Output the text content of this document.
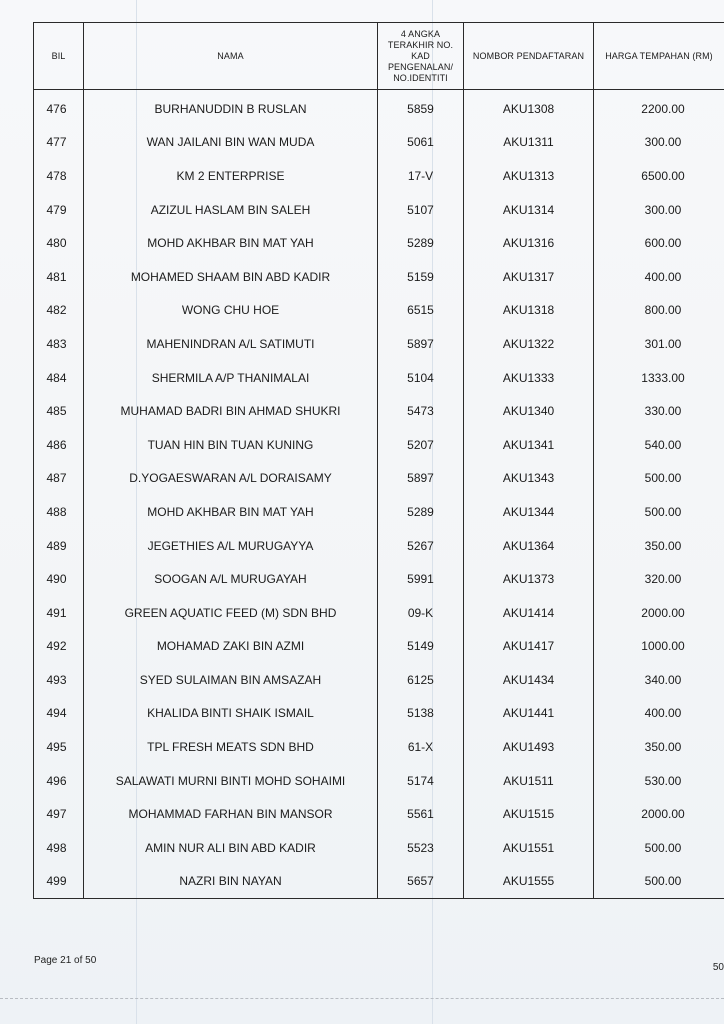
BIL	NAMA	4 ANGKA TERAKHIR NO. KAD PENGENALAN/ NO.IDENTITI	NOMBOR PENDAFTARAN	HARGA TEMPAHAN (RM)
476	BURHANUDDIN B RUSLAN	5859	AKU1308	2200.00
477	WAN JAILANI BIN WAN MUDA	5061	AKU1311	300.00
478	KM 2 ENTERPRISE	17-V	AKU1313	6500.00
479	AZIZUL HASLAM BIN SALEH	5107	AKU1314	300.00
480	MOHD AKHBAR BIN MAT YAH	5289	AKU1316	600.00
481	MOHAMED SHAAM BIN ABD KADIR	5159	AKU1317	400.00
482	WONG CHU HOE	6515	AKU1318	800.00
483	MAHENINDRAN A/L SATIMUTI	5897	AKU1322	301.00
484	SHERMILA A/P THANIMALAI	5104	AKU1333	1333.00
485	MUHAMAD BADRI BIN AHMAD SHUKRI	5473	AKU1340	330.00
486	TUAN HIN BIN TUAN KUNING	5207	AKU1341	540.00
487	D.YOGAESWARAN A/L DORAISAMY	5897	AKU1343	500.00
488	MOHD AKHBAR BIN MAT YAH	5289	AKU1344	500.00
489	JEGETHIES A/L MURUGAYYA	5267	AKU1364	350.00
490	SOOGAN A/L MURUGAYAH	5991	AKU1373	320.00
491	GREEN AQUATIC FEED (M) SDN BHD	09-K	AKU1414	2000.00
492	MOHAMAD ZAKI BIN AZMI	5149	AKU1417	1000.00
493	SYED SULAIMAN BIN AMSAZAH	6125	AKU1434	340.00
494	KHALIDA BINTI SHAIK ISMAIL	5138	AKU1441	400.00
495	TPL FRESH MEATS SDN BHD	61-X	AKU1493	350.00
496	SALAWATI MURNI BINTI MOHD SOHAIMI	5174	AKU1511	530.00
497	MOHAMMAD FARHAN BIN MANSOR	5561	AKU1515	2000.00
498	AMIN NUR ALI BIN ABD KADIR	5523	AKU1551	500.00
499	NAZRI BIN NAYAN	5657	AKU1555	500.00
Page 21 of 50
50
